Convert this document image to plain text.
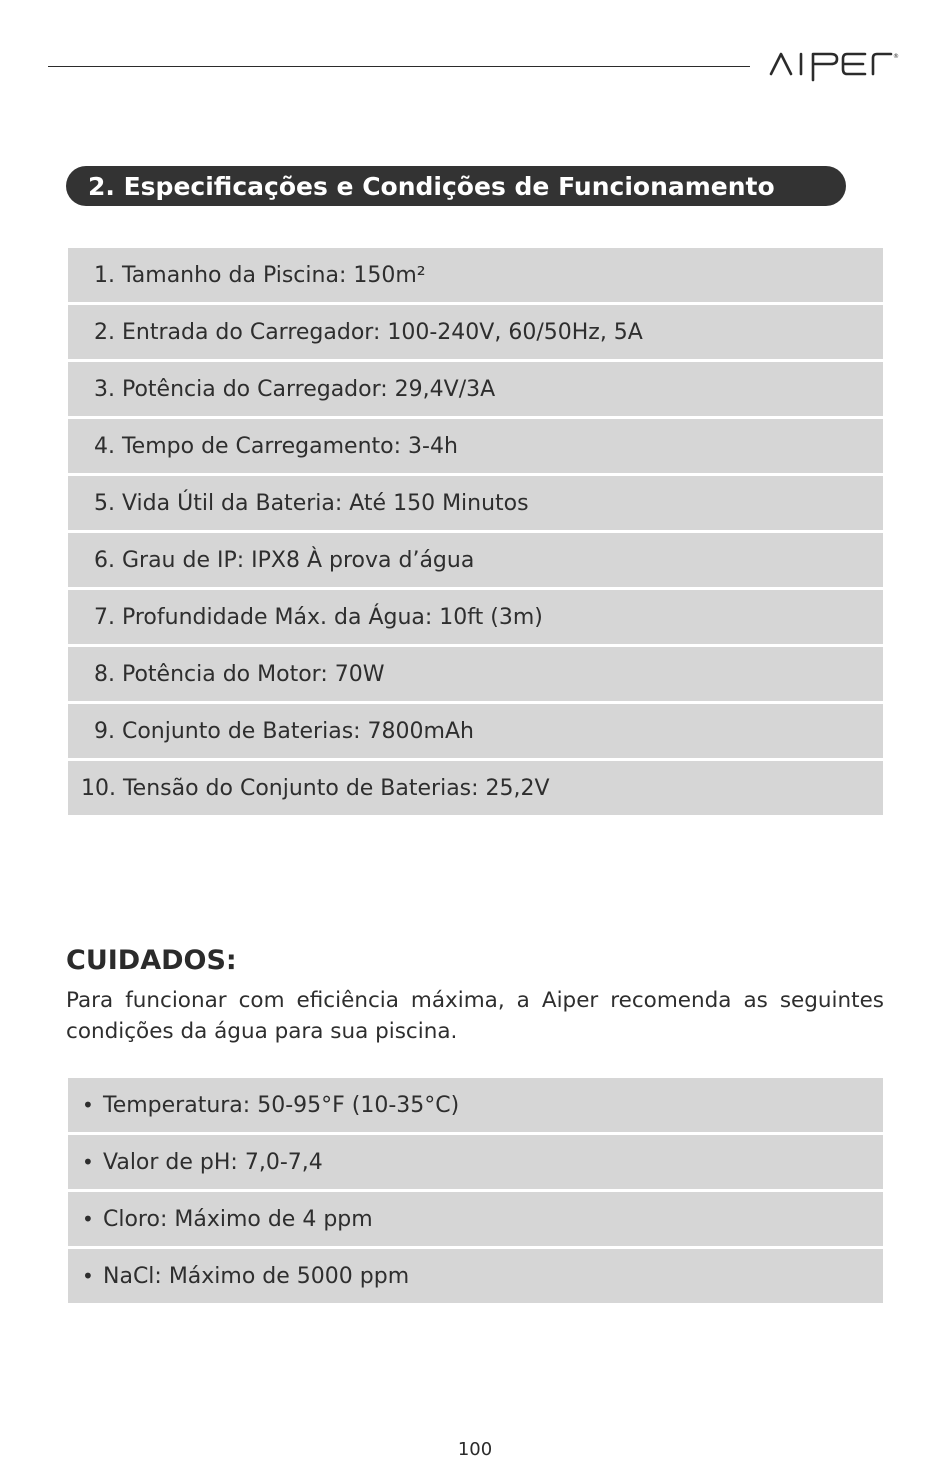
®
2. Especificações e Condições de Funcionamento
1. Tamanho da Piscina: 150m²
2. Entrada do Carregador: 100-240V, 60/50Hz, 5A
3. Potência do Carregador: 29,4V/3A
4. Tempo de Carregamento: 3-4h
5. Vida Útil da Bateria: Até 150 Minutos
6. Grau de IP: IPX8 À prova d’água
7. Profundidade Máx. da Água: 10ft (3m)
8. Potência do Motor: 70W
9. Conjunto de Baterias: 7800mAh
10. Tensão do Conjunto de Baterias: 25,2V
CUIDADOS:
Para funcionar com eficiência máxima, a Aiper recomenda as seguintes condições da água para sua piscina.
• Temperatura: 50-95°F (10-35°C)
• Valor de pH: 7,0-7,4
• Cloro: Máximo de 4 ppm
• NaCl: Máximo de 5000 ppm
100
